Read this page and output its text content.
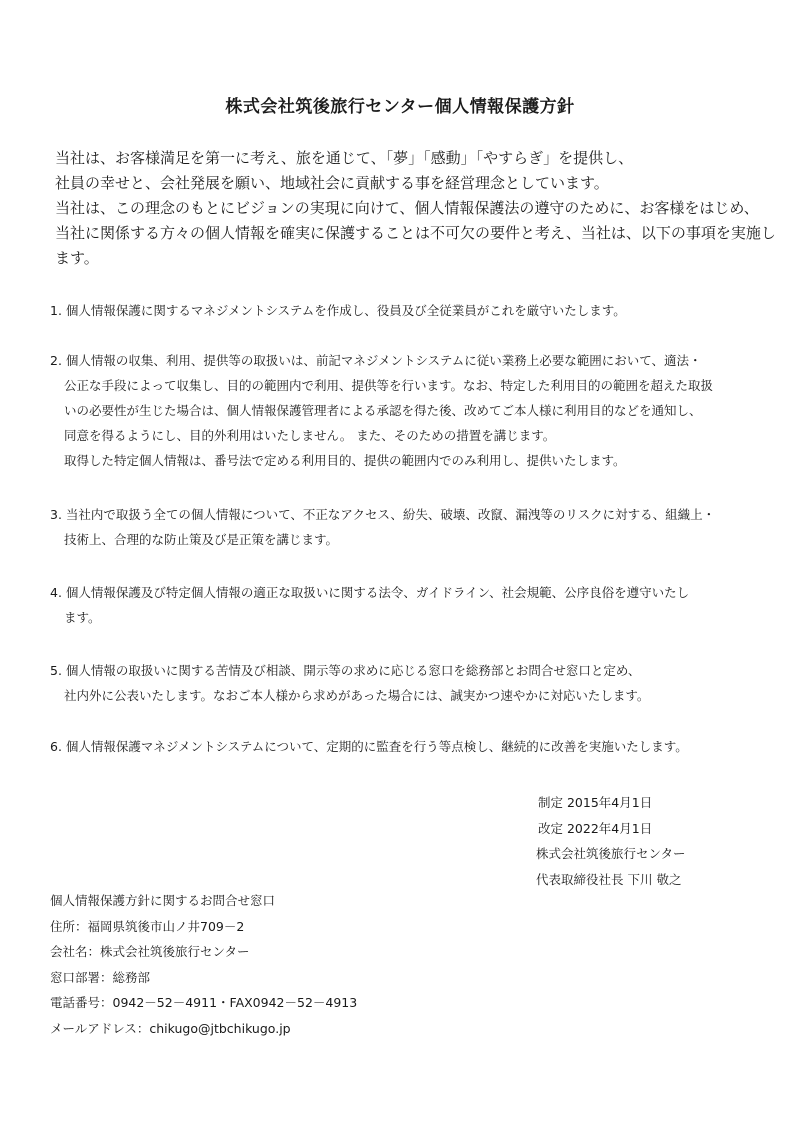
株式会社筑後旅行センター個人情報保護方針

当社は、お客様満足を第一に考え、旅を通じて、「夢」「感動」「やすらぎ」を提供し、

社員の幸せと、会社発展を願い、地域社会に貢献する事を経営理念としています。

当社は、この理念のもとにビジョンの実現に向けて、個人情報保護法の遵守のために、お客様をはじめ、

当社に関係する方々の個人情報を確実に保護することは不可欠の要件と考え、当社は、以下の事項を実施し

ます。

1. 個人情報保護に関するマネジメントシステムを作成し、役員及び全従業員がこれを厳守いたします。

2. 個人情報の収集、利用、提供等の取扱いは、前記マネジメントシステムに従い業務上必要な範囲において、適法・

公正な手段によって収集し、目的の範囲内で利用、提供等を行います。なお、特定した利用目的の範囲を超えた取扱

いの必要性が生じた場合は、個人情報保護管理者による承認を得た後、改めてご本人様に利用目的などを通知し、

同意を得るようにし、目的外利用はいたしません。 また、そのための措置を講じます。

取得した特定個人情報は、番号法で定める利用目的、提供の範囲内でのみ利用し、提供いたします。

3. 当社内で取扱う全ての個人情報について、不正なアクセス、紛失、破壊、改竄、漏洩等のリスクに対する、組織上・

技術上、合理的な防止策及び是正策を講じます。

4. 個人情報保護及び特定個人情報の適正な取扱いに関する法令、ガイドライン、社会規範、公序良俗を遵守いたし

ます。

5. 個人情報の取扱いに関する苦情及び相談、開示等の求めに応じる窓口を総務部とお問合せ窓口と定め、

社内外に公表いたします。なおご本人様から求めがあった場合には、誠実かつ速やかに対応いたします。

6. 個人情報保護マネジメントシステムについて、定期的に監査を行う等点検し、継続的に改善を実施いたします。

制定 2015年4月1日

改定 2022年4月1日

株式会社筑後旅行センター

代表取締役社長 下川 敬之

個人情報保護方針に関するお問合せ窓口

住所：福岡県筑後市山ノ井709－2

会社名：株式会社筑後旅行センター

窓口部署：総務部

電話番号：0942－52－4911・FAX0942－52－4913

メールアドレス：chikugo@jtbchikugo.jp
